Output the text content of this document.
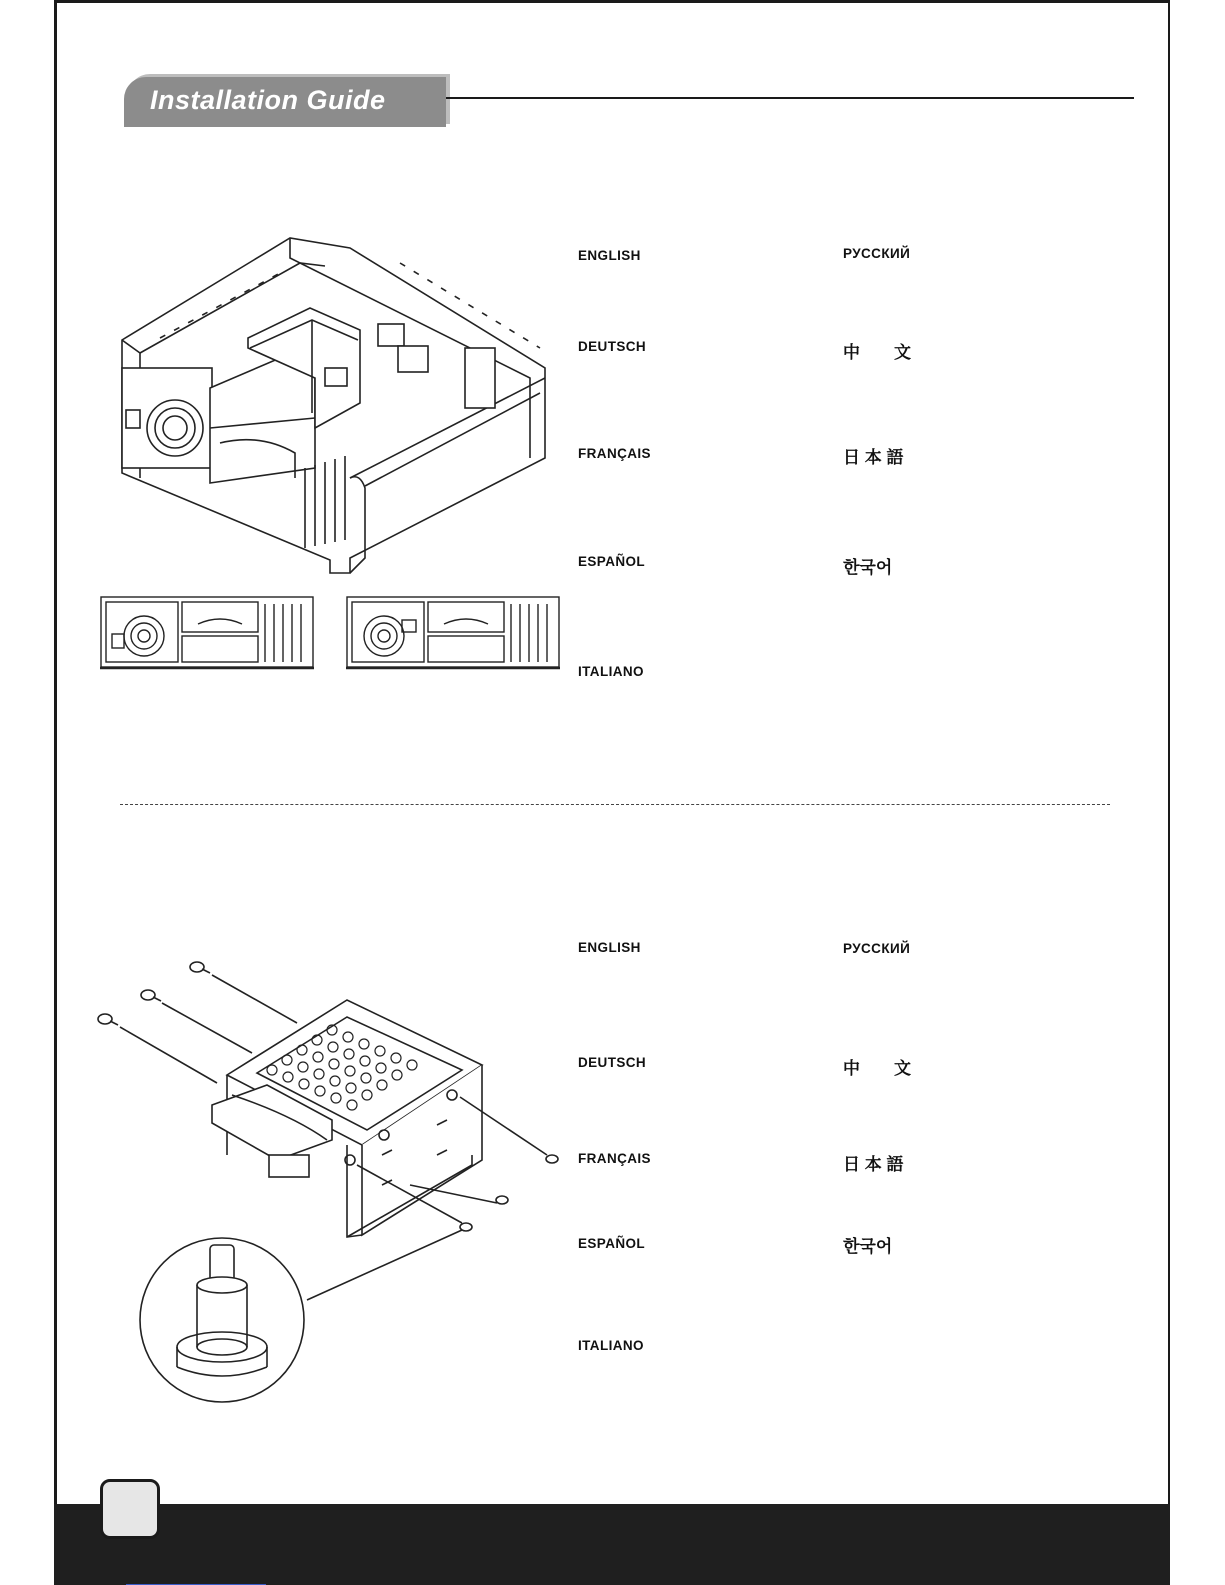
Installation Guide
ENGLISH
DEUTSCH
FRANÇAIS
ESPAÑOL
ITALIANO
РУССКИЙ
中　　文
日 本 語
한국어
ENGLISH
DEUTSCH
FRANÇAIS
ESPAÑOL
ITALIANO
РУССКИЙ
中　　文
日 本 語
한국어
